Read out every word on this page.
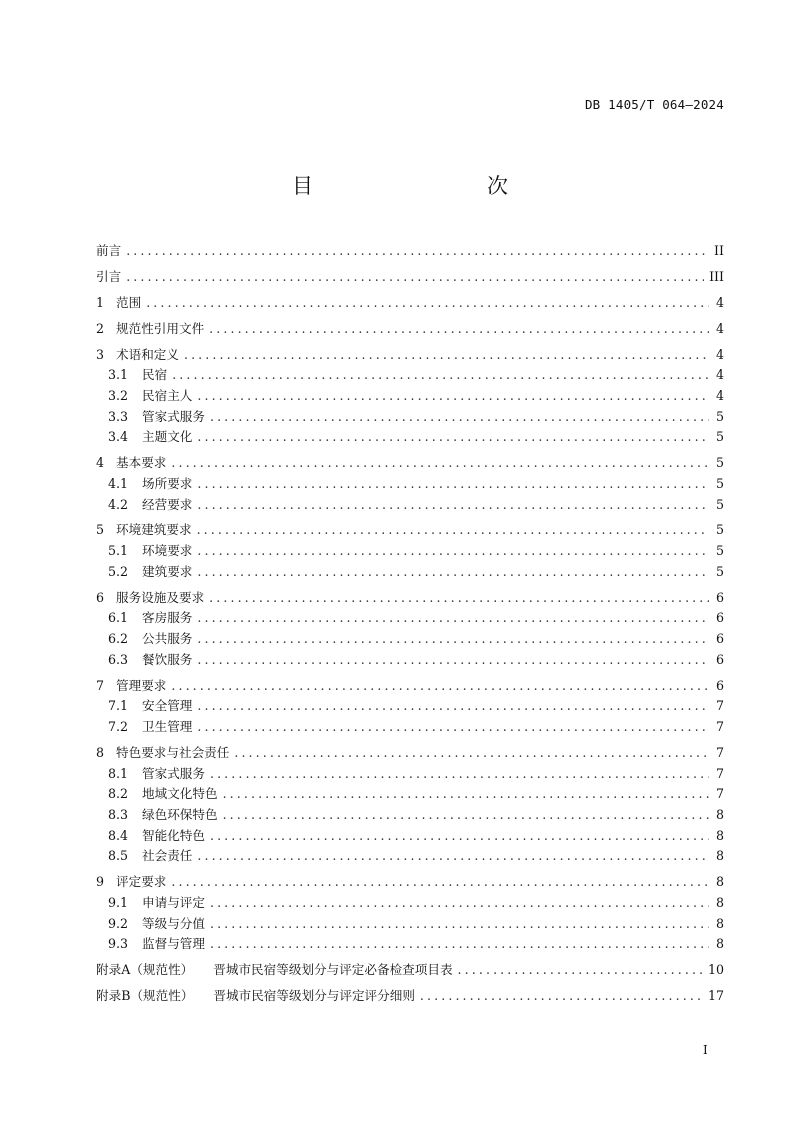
DB 1405/T 064—2024
目　　次
前言 .....	II
引言 .....	III
1 范围 .....	4
2 规范性引用文件 .....	4
3 术语和定义 .....	4
3.1	民宿 .....	4
3.2	民宿主人 .....	4
3.3	管家式服务 .....	5
3.4	主题文化 .....	5
4 基本要求 .....	5
4.1	场所要求 .....	5
4.2	经营要求 .....	5
5 环境建筑要求 .....	5
5.1	环境要求 .....	5
5.2	建筑要求 .....	5
6 服务设施及要求 .....	6
6.1	客房服务 .....	6
6.2	公共服务 .....	6
6.3	餐饮服务 .....	6
7 管理要求 .....	6
7.1	安全管理 .....	7
7.2	卫生管理 .....	7
8 特色要求与社会责任 .....	7
8.1	管家式服务 .....	7
8.2	地域文化特色 .....	7
8.3	绿色环保特色 .....	8
8.4	智能化特色 .....	8
8.5	社会责任 .....	8
9 评定要求 .....	8
9.1	申请与评定 .....	8
9.2	等级与分值 .....	8
9.3	监督与管理 .....	8
附录A（规范性） 晋城市民宿等级划分与评定必备检查项目表 .....	10
附录B（规范性） 晋城市民宿等级划分与评定评分细则 .....	17
I
